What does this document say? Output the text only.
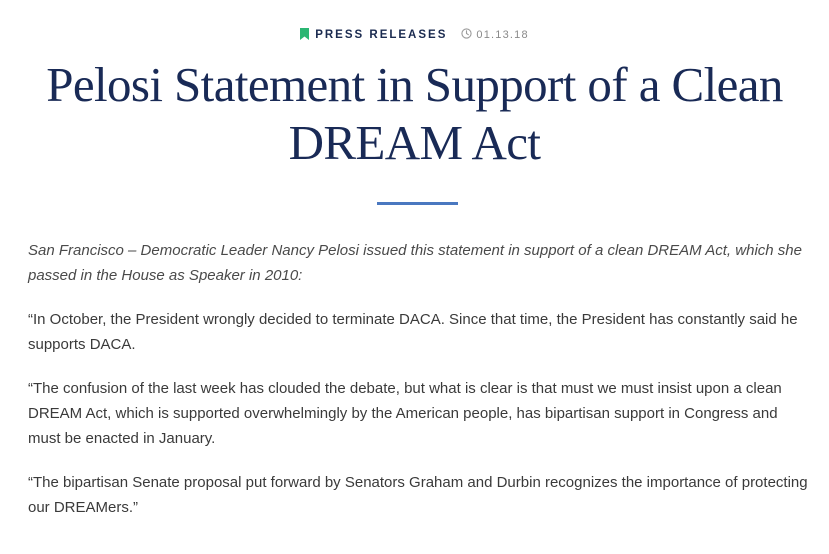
PRESS RELEASES	01.13.18
Pelosi Statement in Support of a Clean DREAM Act

San Francisco – Democratic Leader Nancy Pelosi issued this statement in support of a clean DREAM Act, which she passed in the House as Speaker in 2010:

“In October, the President wrongly decided to terminate DACA. Since that time, the President has constantly said he supports DACA.

“The confusion of the last week has clouded the debate, but what is clear is that must we must insist upon a clean DREAM Act, which is supported overwhelmingly by the American people, has bipartisan support in Congress and must be enacted in January.

“The bipartisan Senate proposal put forward by Senators Graham and Durbin recognizes the importance of protecting our DREAMers.”
